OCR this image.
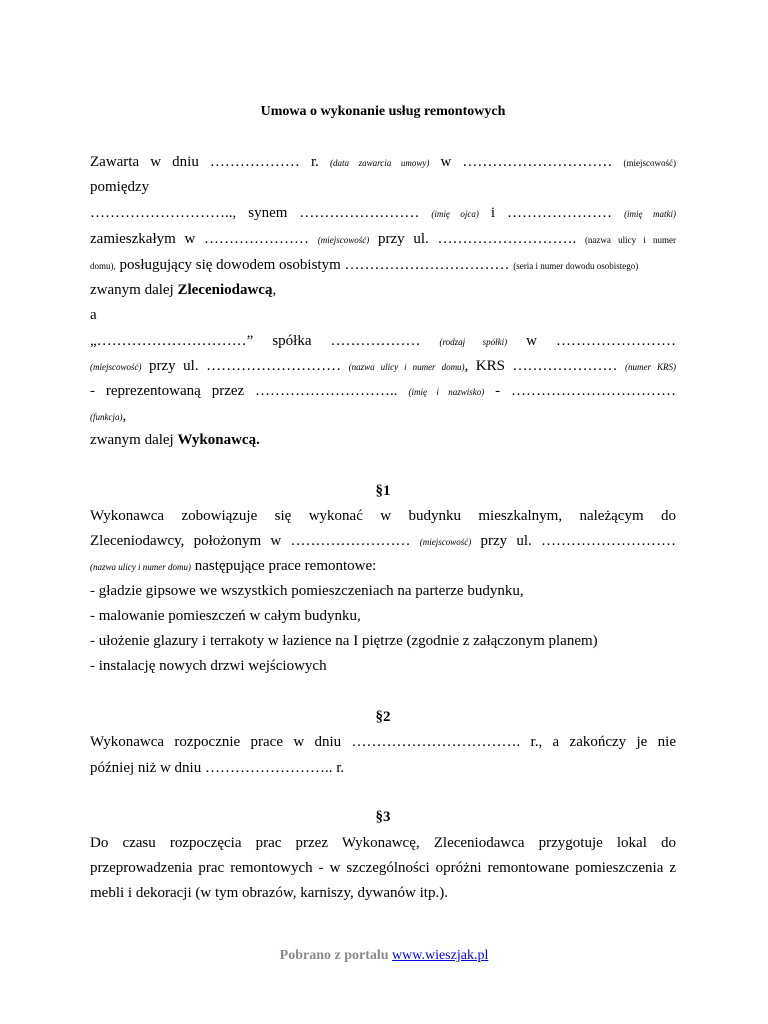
Umowa o wykonanie usług remontowych
Zawarta w dniu ……………… r. (data zawarcia umowy) w ………………………… (miejscowość)
pomiędzy
……………………….., synem …………………… (imię ojca) i ………………… (imię matki)
zamieszkałym w ………………… (miejscowość) przy ul. ………………………. (nazwa ulicy i numer
domu), posługujący się dowodem osobistym …………………………… (seria i numer dowodu osobistego)
zwanym dalej Zleceniodawcą,
a
„…………………………” spółka ……………… (rodzaj spółki) w ……………………
(miejscowość) przy ul. ……………………… (nazwa ulicy i numer domu), KRS ………………… (numer KRS)
- reprezentowaną przez ……………………….. (imię i nazwisko) - ……………………………
(funkcja),
zwanym dalej Wykonawcą.
§1
Wykonawca zobowiązuje się wykonać w budynku mieszkalnym, należącym do
Zleceniodawcy, położonym w …………………… (miejscowość) przy ul. ………………………
(nazwa ulicy i numer domu) następujące prace remontowe:
- gładzie gipsowe we wszystkich pomieszczeniach na parterze budynku,
- malowanie pomieszczeń w całym budynku,
- ułożenie glazury i terrakoty w łazience na I piętrze (zgodnie z załączonym planem)
- instalację nowych drzwi wejściowych
§2
Wykonawca rozpocznie prace w dniu ……………………………. r., a zakończy je nie
później niż w dniu …………………….. r.
§3
Do czasu rozpoczęcia prac przez Wykonawcę, Zleceniodawca przygotuje lokal do
przeprowadzenia prac remontowych - w szczególności opróżni remontowane pomieszczenia z
mebli i dekoracji (w tym obrazów, karniszy, dywanów itp.).
Pobrano z portalu www.wieszjak.pl
